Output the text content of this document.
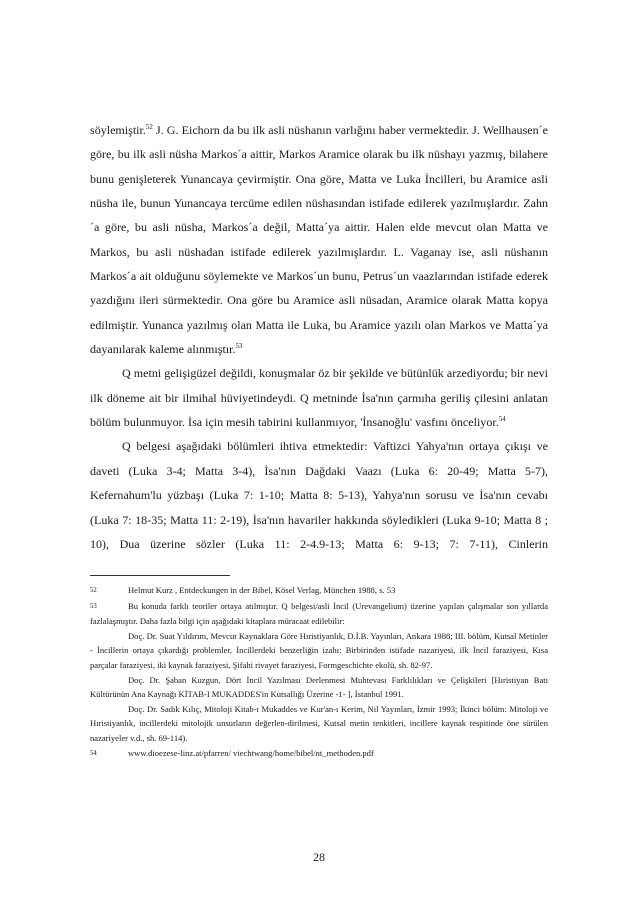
söylemiştir.$^{52}$ J. G. Eichorn da bu ilk asli nüshanın varlığını haber vermektedir. J. Wellhausen´e göre, bu ilk asli nüsha Markos´a aittir, Markos Aramice olarak bu ilk nüshayı yazmış, bilahere bunu genişleterek Yunancaya çevirmiştir. Ona göre, Matta ve Luka İncilleri, bu Aramice asli nüsha ile, bunun Yunancaya tercüme edilen nüshasından istifade edilerek yazılmışlardır. Zahn´a göre, bu asli nüsha, Markos´a değil, Matta´ya aittir. Halen elde mevcut olan Matta ve Markos, bu asli nüshadan istifade edilerek yazılmışlardır. L. Vaganay ise, asli nüshanın Markos´a ait olduğunu söylemekte ve Markos´un bunu, Petrus´un vaazlarından istifade ederek yazdığını ileri sürmektedir. Ona göre bu Aramice asli nüsadan, Aramice olarak Matta kopya edilmiştir. Yunanca yazılmış olan Matta ile Luka, bu Aramice yazılı olan Markos ve Matta´ya dayanılarak kaleme alınmıştır.$^{53}$

Q metni gelişigüzel değildi, konuşmalar öz bir şekilde ve bütünlük arzediyordu; bir nevi ilk döneme ait bir ilmihal hüviyetindeydi. Q metninde İsa'nın çarmıha geriliş çilesini anlatan bölüm bulunmuyor. İsa için mesih tabirini kullanmıyor, 'İnsanoğlu' vasfını önceliyor.$^{54}$

Q belgesi aşağıdaki bölümleri ihtiva etmektedir: Vaftizci Yahya'nın ortaya çıkışı ve daveti (Luka 3-4; Matta 3-4), İsa'nın Dağdaki Vaazı (Luka 6: 20-49; Matta 5-7), Kefernahum'lu yüzbaşı (Luka 7: 1-10; Matta 8: 5-13), Yahya'nın sorusu ve İsa'nın cevabı (Luka 7: 18-35; Matta 11: 2-19), İsa'nın havariler hakkında söyledikleri (Luka 9-10; Matta 8 ; 10), Dua üzerine sözler (Luka 11: 2-4.9-13; Matta 6: 9-13; 7: 7-11), Cinlerin

52	Helmut Kurz , Entdeckungen in der Bibel, Kösel Verlag, München 1988, s. 53

53	Bu konuda farklı teoriler ortaya atılmıştır. Q belgesi/asli İncil (Urevangelium) üzerine yapılan çalışmalar son yıllarda fazlalaşmıştır. Daha fazla bilgi için aşağıdaki kitaplara müracaat edilebilir:

Doç. Dr. Suat Yıldırım, Mevcut Kaynaklara Göre Hıristiyanlık, D.İ.B. Yayınları, Ankara 1988; III. bölüm, Kutsal Metinler - İncillerin ortaya çıkardığı problemler, İncillerdeki benzerliğin izahı: Birbirinden istifade nazariyesi, ilk İncil faraziyesi, Kısa parçalar faraziyesi, iki kaynak faraziyesi, Şifahi rivayet faraziyesi, Formgeschichte ekolü, sh. 82-97.

Doç. Dr. Şaban Kuzgun, Dört İncil Yazılması Derlenmesi Muhtevası Farklılıkları ve Çelişkileri [Hıristiyan Batı Kültürünün Ana Kaynağı KİTAB-I MUKADDES'in Kutsallığı Üzerine -1- ], İstanbul 1991.

Doç. Dr. Sadık Kılıç, Mitoloji Kitab-ı Mukaddes ve Kur'an-ı Kerim, Nil Yayınları, İzmir 1993; İkinci bölüm: Mitoloji ve Hıristiyanlık, incillerdeki mitolojik unsurların değerlen-dirilmesi, Kutsal metin tenkitleri, incillere kaynak tespitinde öne sürülen nazariyeler v.d., sh. 69-114).

54	www.dioezese-linz.at/pfarren/ viechtwang/home/bibel/nt_methoden.pdf

28
